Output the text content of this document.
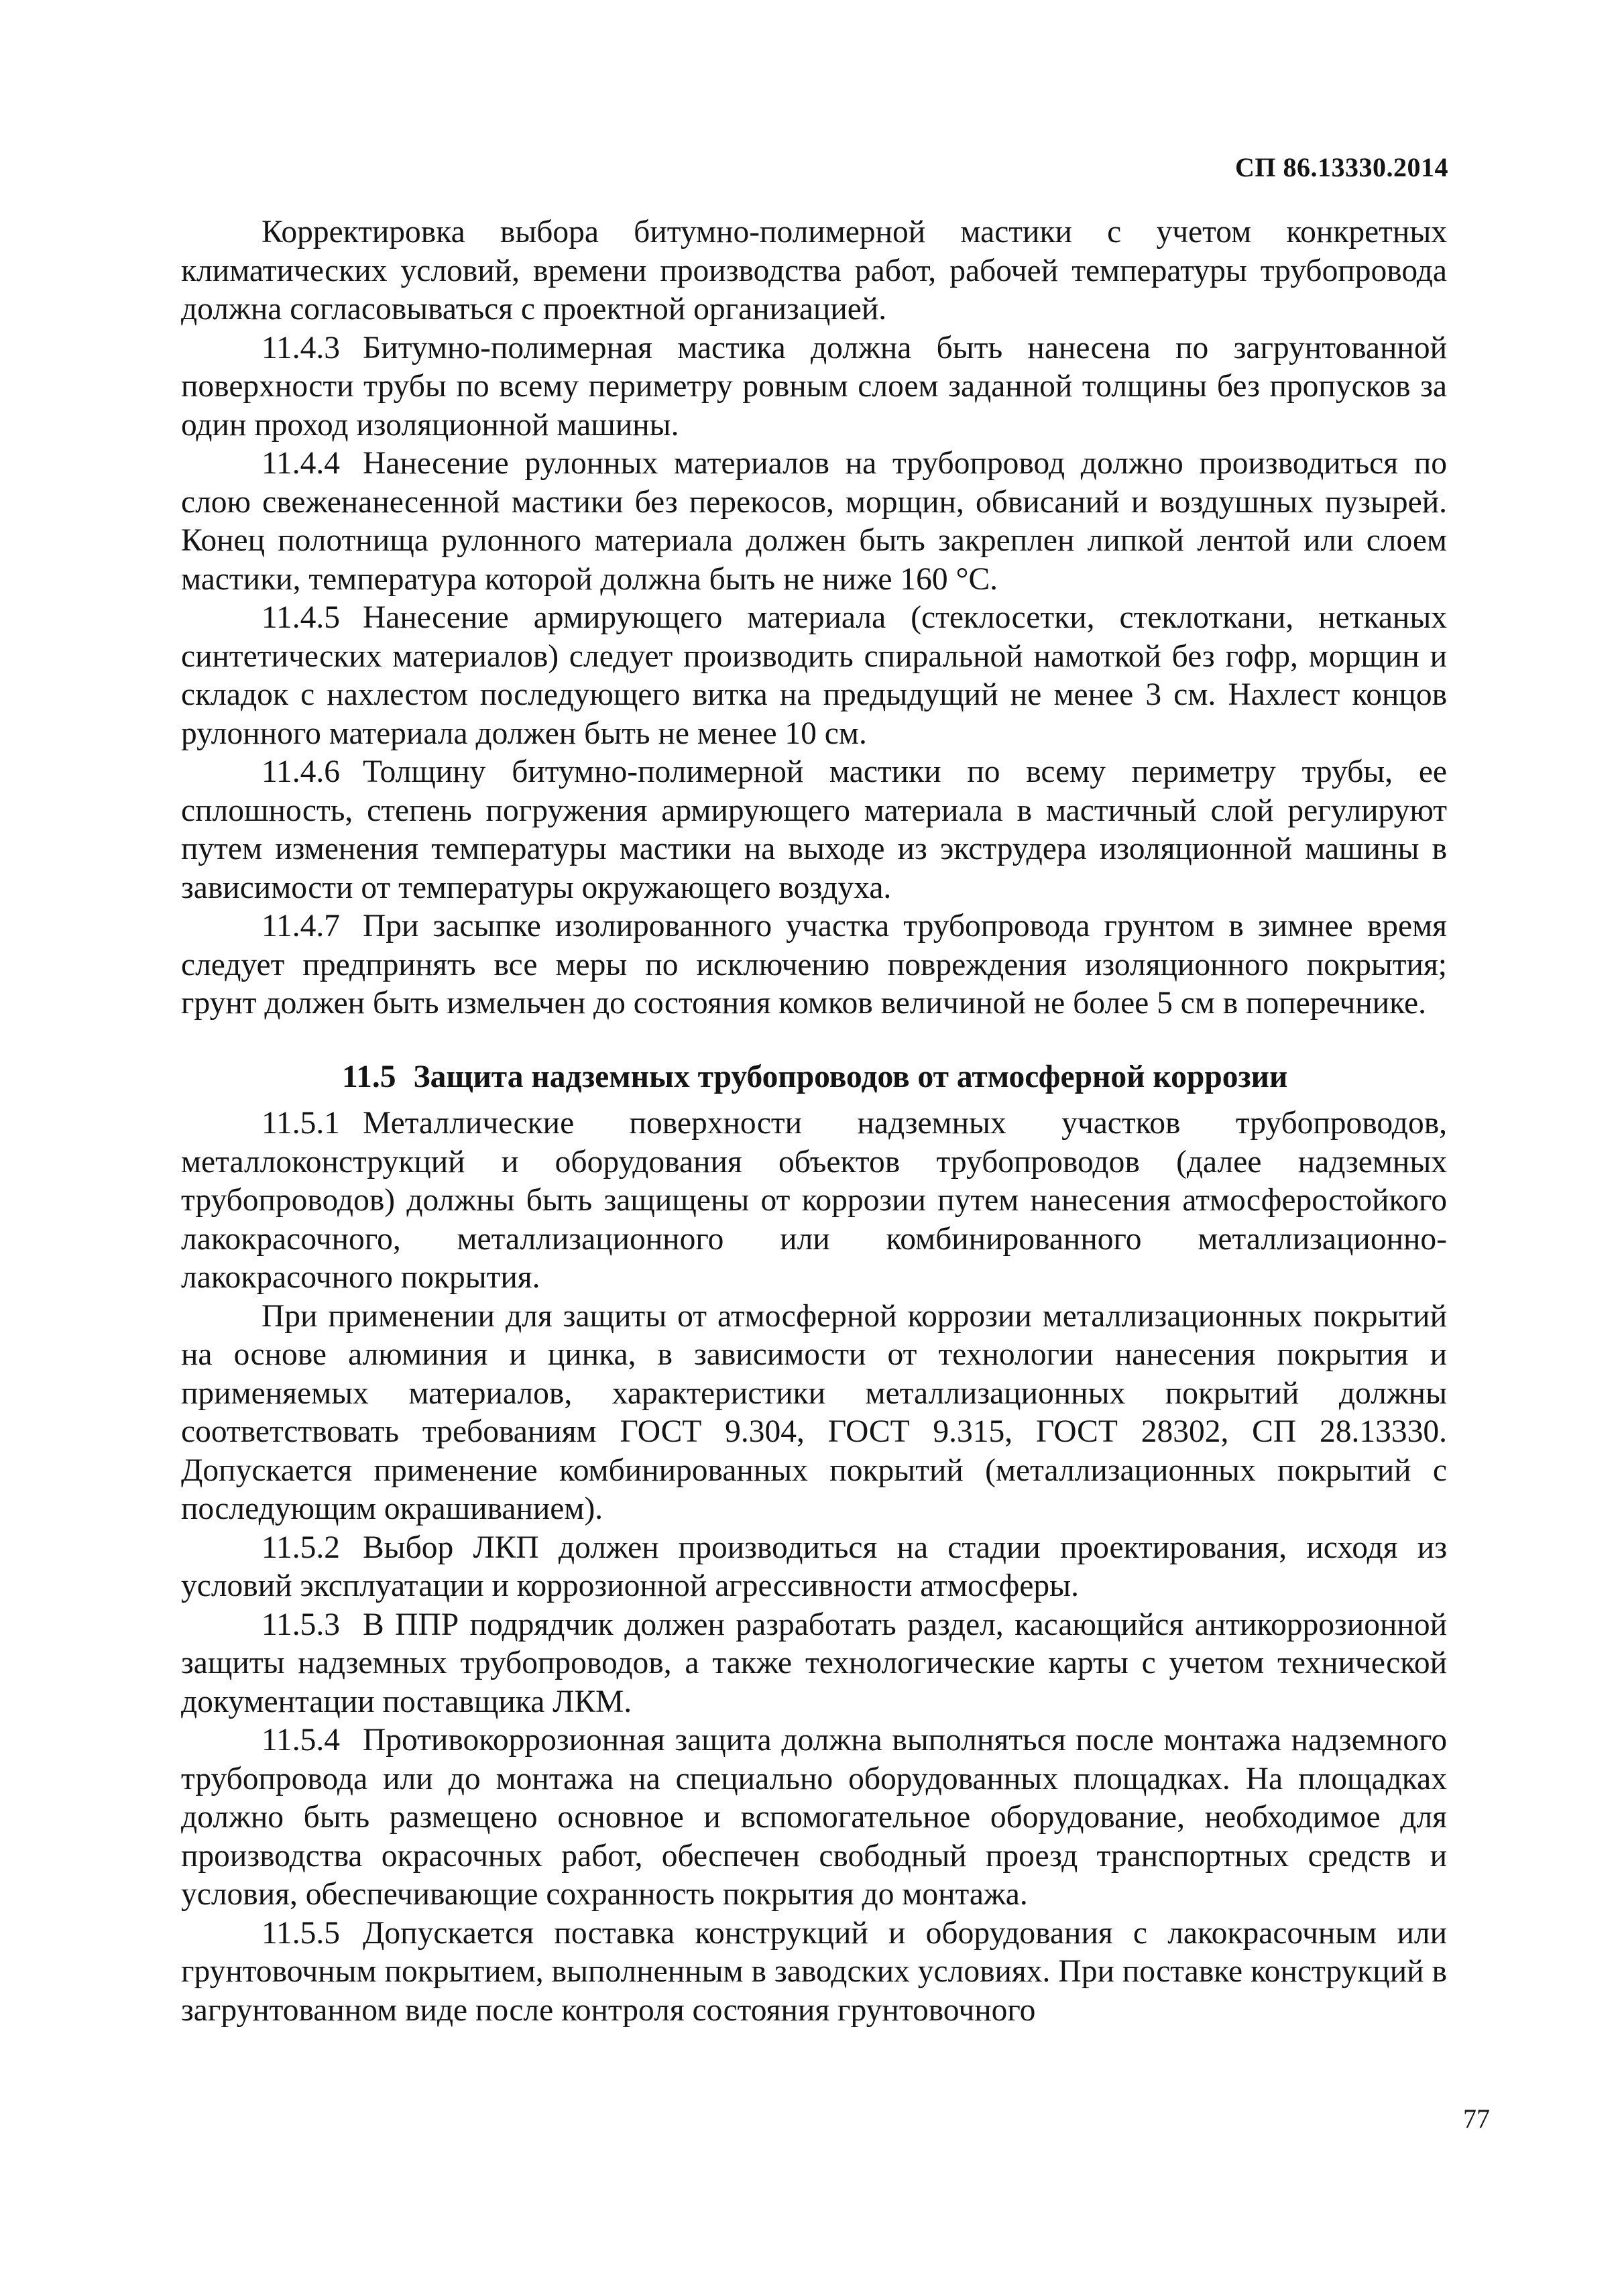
СП 86.13330.2014

Корректировка выбора битумно-полимерной мастики с учетом конкретных климатических условий, времени производства работ, рабочей температуры трубопровода должна согласовываться с проектной организацией.

11.4.3 Битумно-полимерная мастика должна быть нанесена по загрунтованной поверхности трубы по всему периметру ровным слоем заданной толщины без пропусков за один проход изоляционной машины.

11.4.4 Нанесение рулонных материалов на трубопровод должно производиться по слою свеженанесенной мастики без перекосов, морщин, обвисаний и воздушных пузырей. Конец полотнища рулонного материала должен быть закреплен липкой лентой или слоем мастики, температура которой должна быть не ниже 160 °С.

11.4.5 Нанесение армирующего материала (стеклосетки, стеклоткани, нетканых синтетических материалов) следует производить спиральной намоткой без гофр, морщин и складок с нахлестом последующего витка на предыдущий не менее 3 см. Нахлест концов рулонного материала должен быть не менее 10 см.

11.4.6 Толщину битумно-полимерной мастики по всему периметру трубы, ее сплошность, степень погружения армирующего материала в мастичный слой регулируют путем изменения температуры мастики на выходе из экструдера изоляционной машины в зависимости от температуры окружающего воздуха.

11.4.7 При засыпке изолированного участка трубопровода грунтом в зимнее время следует предпринять все меры по исключению повреждения изоляционного покрытия; грунт должен быть измельчен до состояния комков величиной не более 5 см в поперечнике.

11.5 Защита надземных трубопроводов от атмосферной коррозии

11.5.1 Металлические поверхности надземных участков трубопроводов, металлоконструкций и оборудования объектов трубопроводов (далее надземных трубопроводов) должны быть защищены от коррозии путем нанесения атмосферостойкого лакокрасочного, металлизационного или комбинированного металлизационно-лакокрасочного покрытия.

При применении для защиты от атмосферной коррозии металлизационных покрытий на основе алюминия и цинка, в зависимости от технологии нанесения покрытия и применяемых материалов, характеристики металлизационных покрытий должны соответствовать требованиям ГОСТ 9.304, ГОСТ 9.315, ГОСТ 28302, СП 28.13330. Допускается применение комбинированных покрытий (металлизационных покрытий с последующим окрашиванием).

11.5.2 Выбор ЛКП должен производиться на стадии проектирования, исходя из условий эксплуатации и коррозионной агрессивности атмосферы.

11.5.3 В ППР подрядчик должен разработать раздел, касающийся антикоррозионной защиты надземных трубопроводов, а также технологические карты с учетом технической документации поставщика ЛКМ.

11.5.4 Противокоррозионная защита должна выполняться после монтажа надземного трубопровода или до монтажа на специально оборудованных площадках. На площадках должно быть размещено основное и вспомогательное оборудование, необходимое для производства окрасочных работ, обеспечен свободный проезд транспортных средств и условия, обеспечивающие сохранность покрытия до монтажа.

11.5.5 Допускается поставка конструкций и оборудования с лакокрасочным или грунтовочным покрытием, выполненным в заводских условиях. При поставке конструкций в загрунтованном виде после контроля состояния грунтовочного

77
